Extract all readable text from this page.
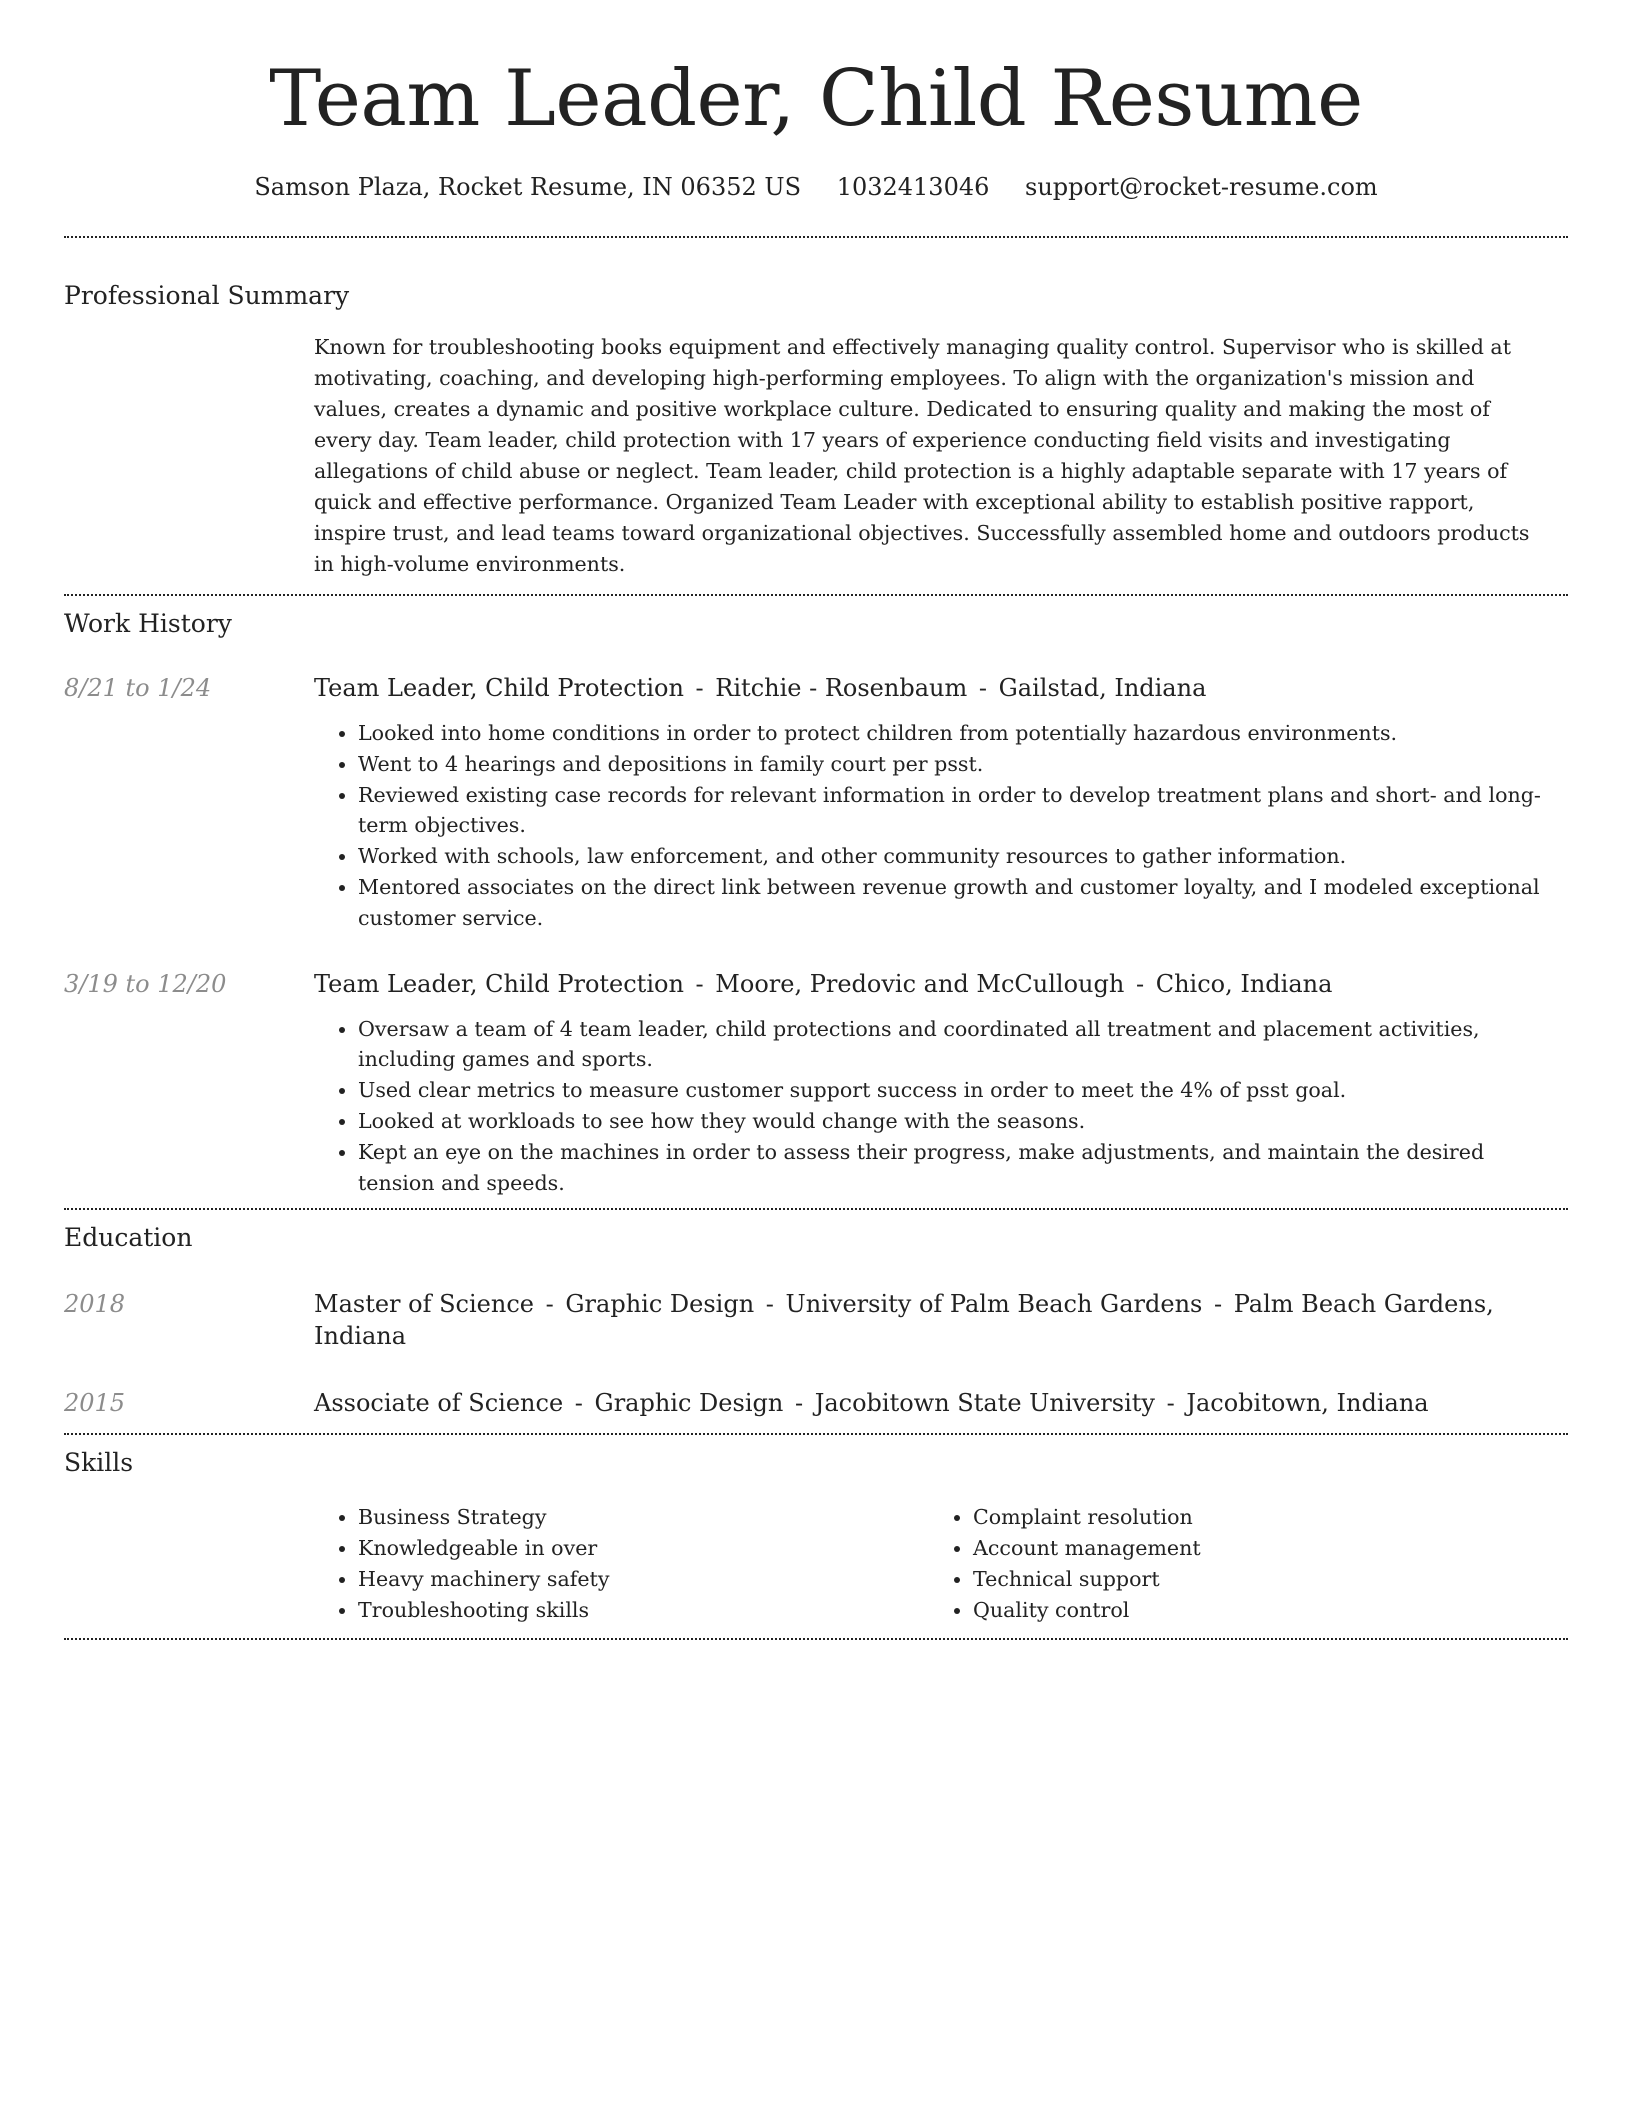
Team Leader, Child Resume
Samson Plaza, Rocket Resume, IN 06352 US 1032413046 support@rocket-resume.com
Professional Summary

Known for troubleshooting books equipment and effectively managing quality control. Supervisor who is skilled at motivating, coaching, and developing high-performing employees. To align with the organization's mission and values, creates a dynamic and positive workplace culture. Dedicated to ensuring quality and making the most of every day. Team leader, child protection with 17 years of experience conducting field visits and investigating allegations of child abuse or neglect. Team leader, child protection is a highly adaptable separate with 17 years of quick and effective performance. Organized Team Leader with exceptional ability to establish positive rapport, inspire trust, and lead teams toward organizational objectives. Successfully assembled home and outdoors products in high-volume environments.

Work History
8/21 to 1/24	Team Leader, Child Protection - Ritchie - Rosenbaum - Gailstad, Indiana
• Looked into home conditions in order to protect children from potentially hazardous environments.
• Went to 4 hearings and depositions in family court per psst.
• Reviewed existing case records for relevant information in order to develop treatment plans and short- and long-term objectives.
• Worked with schools, law enforcement, and other community resources to gather information.
• Mentored associates on the direct link between revenue growth and customer loyalty, and I modeled exceptional customer service.
3/19 to 12/20	Team Leader, Child Protection - Moore, Predovic and McCullough - Chico, Indiana
• Oversaw a team of 4 team leader, child protections and coordinated all treatment and placement activities, including games and sports.
• Used clear metrics to measure customer support success in order to meet the 4% of psst goal.
• Looked at workloads to see how they would change with the seasons.
• Kept an eye on the machines in order to assess their progress, make adjustments, and maintain the desired tension and speeds.
Education
2018	Master of Science - Graphic Design - University of Palm Beach Gardens - Palm Beach Gardens, Indiana
2015	Associate of Science - Graphic Design - Jacobitown State University - Jacobitown, Indiana
Skills
• Business Strategy
• Knowledgeable in over
• Heavy machinery safety
• Troubleshooting skills
• Complaint resolution
• Account management
• Technical support
• Quality control
